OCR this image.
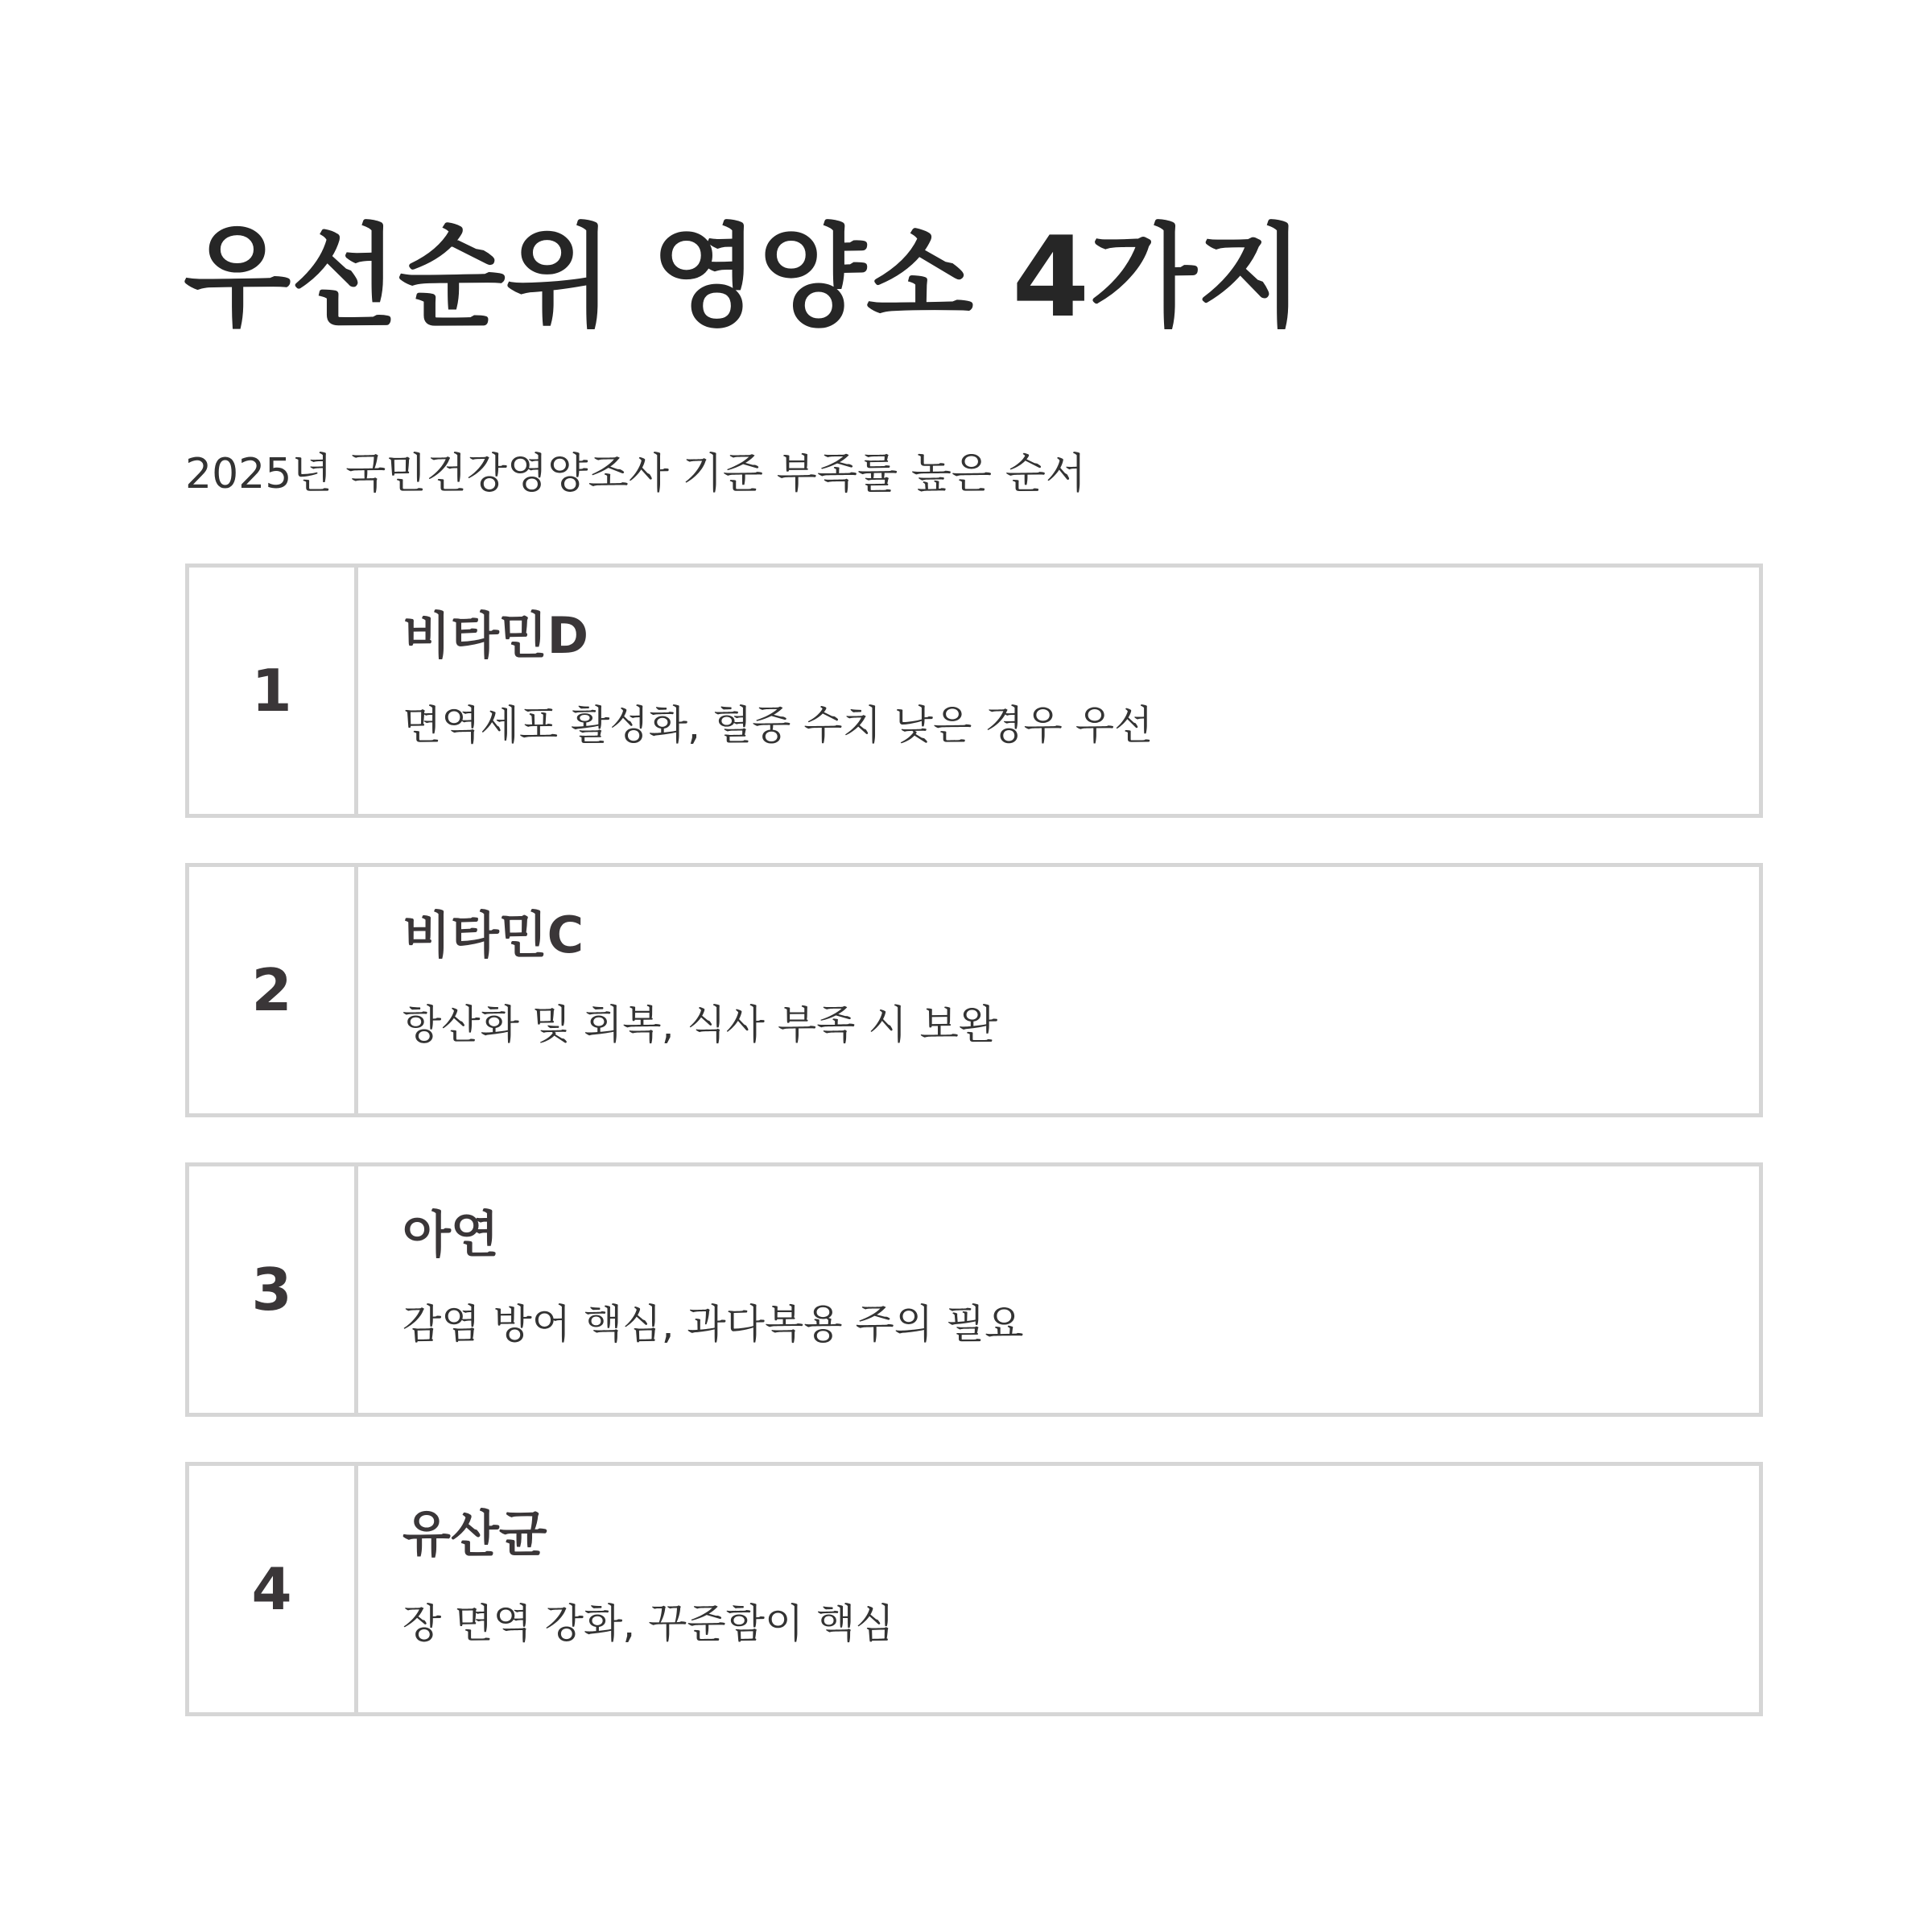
우선순위 영양소 4가지

2025년 국민건강영양조사 기준 부족률 높은 순서

1
비타민D
면역세포 활성화, 혈중 수치 낮은 경우 우선
2
비타민C
항산화 및 회복, 식사 부족 시 보완
3
아연
감염 방어 핵심, 과다복용 주의 필요
4
유산균
장 면역 강화, 꾸준함이 핵심
